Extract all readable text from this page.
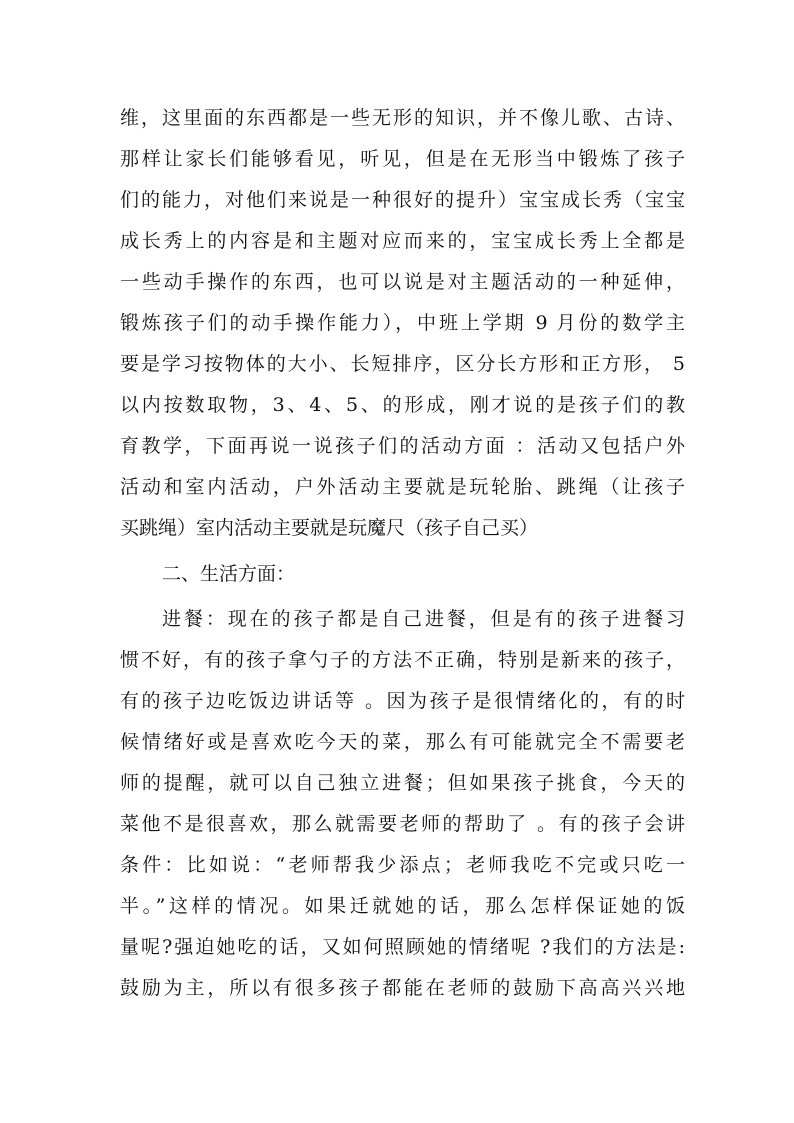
维，这里面的东西都是一些无形的知识，并不像儿歌、古诗、
那样让家长们能够看见，听见，但是在无形当中锻炼了孩子
们的能力，对他们来说是一种很好的提升）宝宝成长秀（宝宝
成长秀上的内容是和主题对应而来的，宝宝成长秀上全都是
一些动手操作的东西，也可以说是对主题活动的一种延伸，
锻炼孩子们的动手操作能力），中班上学期 9 月份的数学主
要是学习按物体的大小、长短排序，区分长方形和正方形， 5
以内按数取物，3、4、5、的形成，刚才说的是孩子们的教
育教学，下面再说一说孩子们的活动方面 ：活动又包括户外
活动和室内活动，户外活动主要就是玩轮胎、跳绳（让孩子
买跳绳）室内活动主要就是玩魔尺（孩子自己买）
二、生活方面：
进餐：现在的孩子都是自己进餐，但是有的孩子进餐习
惯不好，有的孩子拿勺子的方法不正确，特别是新来的孩子，
有的孩子边吃饭边讲话等 。因为孩子是很情绪化的，有的时
候情绪好或是喜欢吃今天的菜，那么有可能就完全不需要老
师的提醒，就可以自己独立进餐；但如果孩子挑食，今天的
菜他不是很喜欢，那么就需要老师的帮助了 。有的孩子会讲
条件：比如说：“老师帮我少添点；老师我吃不完或只吃一
半。”这样的情况。如果迁就她的话，那么怎样保证她的饭
量呢?强迫她吃的话，又如何照顾她的情绪呢 ?我们的方法是:
鼓励为主，所以有很多孩子都能在老师的鼓励下高高兴兴地
